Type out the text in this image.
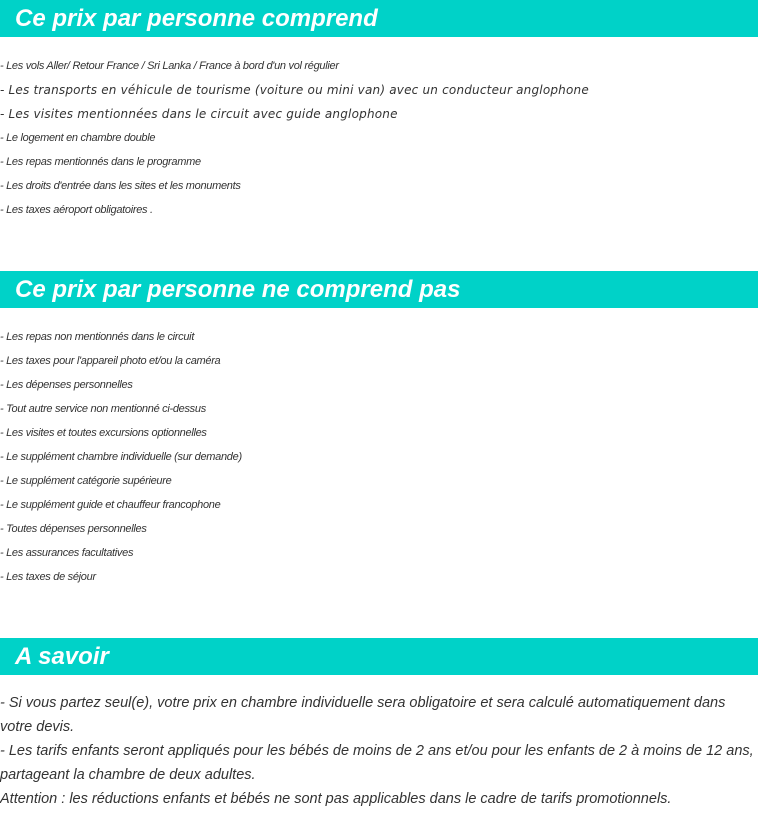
Ce prix par personne comprend
- Les vols Aller/ Retour France / Sri Lanka / France à bord d'un vol régulier
- Les transports en véhicule de tourisme (voiture ou mini van) avec un conducteur anglophone
- Les visites mentionnées dans le circuit avec guide anglophone
- Le logement en chambre double
- Les repas mentionnés dans le programme
- Les droits d'entrée dans les sites et les monuments
- Les taxes aéroport obligatoires .
Ce prix par personne ne comprend pas
- Les repas non mentionnés dans le circuit
- Les taxes pour l'appareil photo et/ou la caméra
- Les dépenses personnelles
- Tout autre service non mentionné ci-dessus
- Les visites et toutes excursions optionnelles
- Le supplément chambre individuelle (sur demande)
- Le supplément catégorie supérieure
- Le supplément guide et chauffeur francophone
- Toutes dépenses personnelles
- Les assurances facultatives
- Les taxes de séjour
A savoir
- Si vous partez seul(e), votre prix en chambre individuelle sera obligatoire et sera calculé automatiquement dans votre devis.
- Les tarifs enfants seront appliqués pour les bébés de moins de 2 ans et/ou pour les enfants de 2 à moins de 12 ans, partageant la chambre de deux adultes.
Attention : les réductions enfants et bébés ne sont pas applicables dans le cadre de tarifs promotionnels.
